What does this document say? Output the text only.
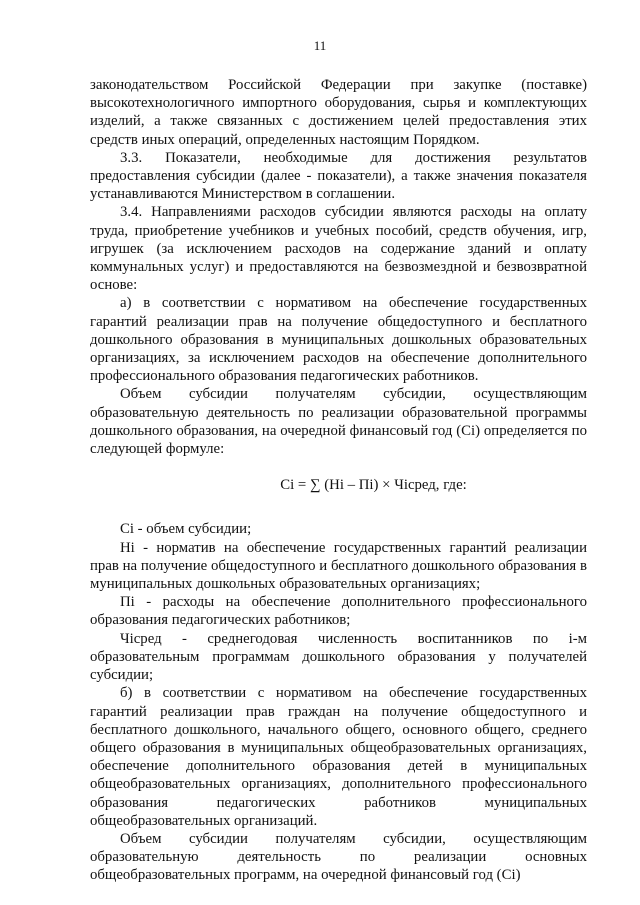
11

законодательством Российской Федерации при закупке (поставке) высокотехнологичного импортного оборудования, сырья и комплектующих изделий, а также связанных с достижением целей предоставления этих средств иных операций, определенных настоящим Порядком.

3.3. Показатели, необходимые для достижения результатов предоставления субсидии (далее - показатели), а также значения показателя устанавливаются Министерством в соглашении.

3.4. Направлениями расходов субсидии являются расходы на оплату труда, приобретение учебников и учебных пособий, средств обучения, игр, игрушек (за исключением расходов на содержание зданий и оплату коммунальных услуг) и предоставляются на безвозмездной и безвозвратной основе:

а) в соответствии с нормативом на обеспечение государственных гарантий реализации прав на получение общедоступного и бесплатного дошкольного образования в муниципальных дошкольных образовательных организациях, за исключением расходов на обеспечение дополнительного профессионального образования педагогических работников.

Объем субсидии получателям субсидии, осуществляющим образовательную деятельность по реализации образовательной программы дошкольного образования, на очередной финансовый год (Сi) определяется по следующей формуле:

Сi = ∑ (Нi – Пi) × Чiсред, где:

Сi - объем субсидии;

Нi - норматив на обеспечение государственных гарантий реализации прав на получение общедоступного и бесплатного дошкольного образования в муниципальных дошкольных образовательных организациях;

Пi - расходы на обеспечение дополнительного профессионального образования педагогических работников;

Чiсред - среднегодовая численность воспитанников по i-м образовательным программам дошкольного образования у получателей субсидии;

б) в соответствии с нормативом на обеспечение государственных гарантий реализации прав граждан на получение общедоступного и бесплатного дошкольного, начального общего, основного общего, среднего общего образования в муниципальных общеобразовательных организациях, обеспечение дополнительного образования детей в муниципальных общеобразовательных организациях, дополнительного профессионального образования педагогических работников муниципальных общеобразовательных организаций.

Объем субсидии получателям субсидии, осуществляющим образовательную деятельность по реализации основных общеобразовательных программ, на очередной финансовый год (Сi)
